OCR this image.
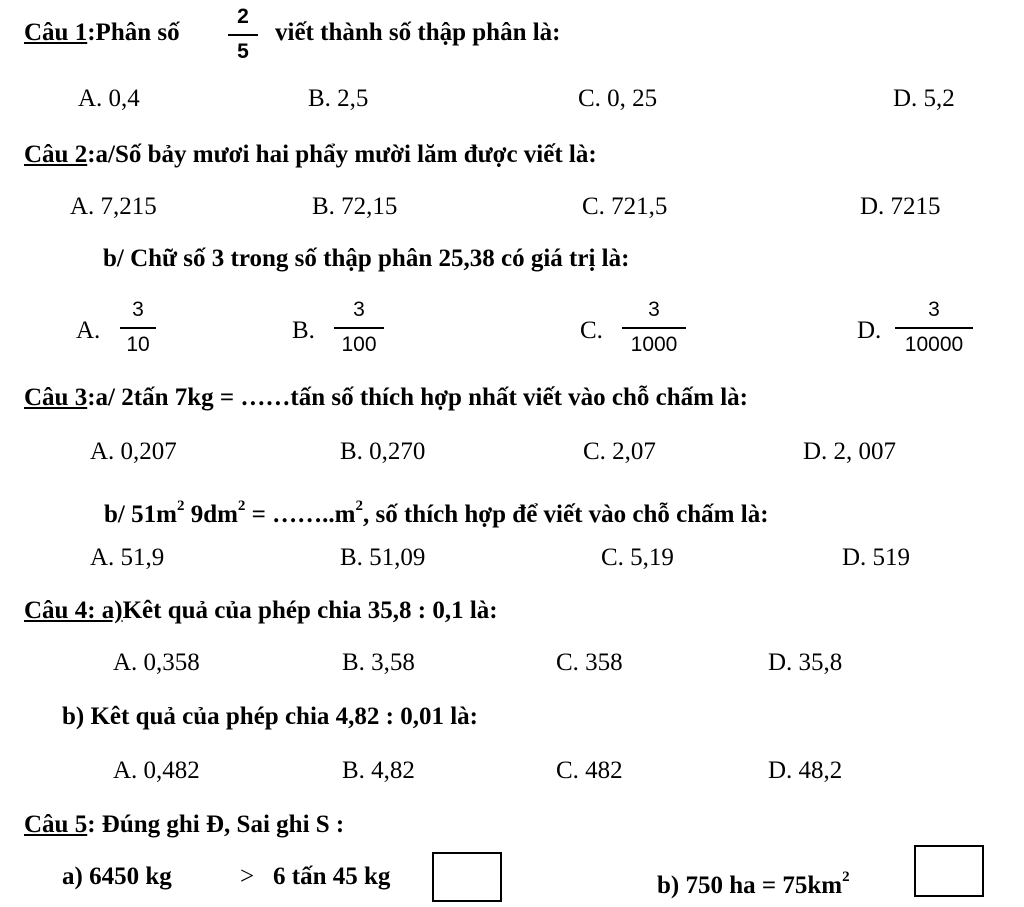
Câu 1:Phân số
2
5
viết thành số thập phân là:
A. 0,4	B. 2,5	C. 0, 25	D. 5,2
Câu 2:a/Số bảy mươi hai phẩy mười lăm được viết là:
A. 7,215	B. 72,15	C. 721,5	D. 7215
b/ Chữ số 3 trong số thập phân 25,38 có giá trị là:
A.
3
10
B.
3
100
C.
3
1000
D.
3
10000
Câu 3:a/ 2tấn 7kg = ……tấn số thích hợp nhất viết vào chỗ chấm là:
A. 0,207	B. 0,270	C. 2,07	D. 2, 007
b/ $51m^2$ $9dm^2$ = $\dots\dots..m^2$, số thích hợp để viết vào chỗ chấm là:
A. 51,9	B. 51,09	C. 5,19	D. 519
Câu 4: a)Kêt quả của phép chia 35,8 : 0,1 là:
A. 0,358	B. 3,58	C. 358	D. 35,8
b) Kêt quả của phép chia 4,82 : 0,01 là:
A. 0,482	B. 4,82	C. 482	D. 48,2
Câu 5: Đúng ghi Đ, Sai ghi S :
a) 6450 kg	> 6 tấn 45 kg	b) 750 ha = $75km^2$
